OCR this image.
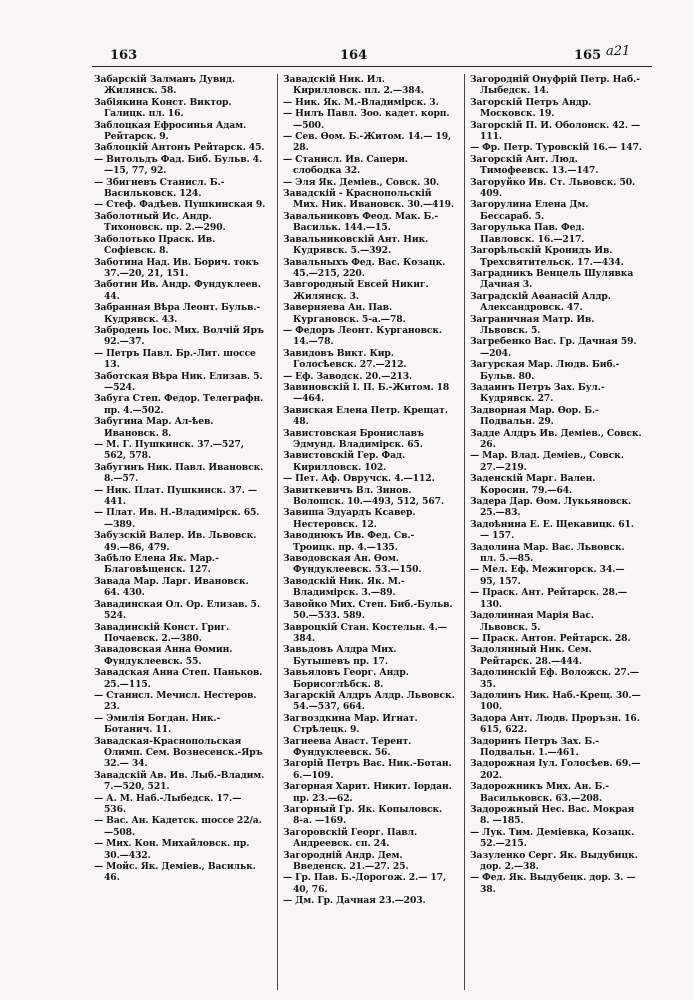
163	164	165 a21

Забарскій Залманъ Дувид. Жилянск. 58.

Забіякина Конст. Виктор. Галицк. пл. 16.

Заблоцкая Ефросинья Адам. Рейтарск. 9.

Заблоцкій Антонъ Рейтарск. 45.

— Витольдъ Фад. Биб. Бульв. 4.—15, 77, 92.

— Збигневъ Станисл. Б.-Васильковск. 124.

— Стеф. Фадѣев. Пушкинская 9.

Заболотный Ис. Андр. Тихоновск. пр. 2.—290.

Заболотько Праск. Ив. Софіевск. 8.

Заботина Над. Ив. Борич. токъ 37.—20, 21, 151.

Заботин Ив. Андр. Фундуклеев. 44.

Забранная Вѣра Леонт. Бульв.-Кудрявск. 43.

Забродень Іос. Мих. Волчій Яръ 92.—37.

— Петръ Павл. Бр.-Лит. шоссе 13.

Заботская Вѣра Ник. Елизав. 5. —524.

Забуга Степ. Федор. Телеграфн. пр. 4.—502.

Забугина Мар. Ал-ѣев. Ивановск. 8.

— М. Г. Пушкинск. 37.—527, 562, 578.

Забугинъ Ник. Павл. Ивановск. 8.—57.

— Ник. Плат. Пушкинск. 37. —441.

— Плат. Ив. Н.-Владимірск. 65.—389.

Забузскій Валер. Ив. Львовск. 49.—86, 479.

Забѣло Елена Як. Мар.-Благовѣщенск. 127.

Завада Мар. Ларг. Ивановск. 64. 430.

Завадинская Ол. Ор. Елизав. 5. 524.

Завадинскій Конст. Григ. Почаевск. 2.—380.

Завадовская Анна Ѳомин. Фундуклеевск. 55.

Завадская Анна Степ. Паньков. 25.—115.

— Станисл. Мечисл. Нестеров. 23.

— Эмилія Богдан. Ник.-Ботанич. 11.

Завадская-Краснопольская Олимп. Сем. Вознесенск.-Яръ 32.— 34.

Завадскій Ав. Ив. Лыб.-Владим. 7.—520, 521.

— А. М. Наб.-Лыбедск. 17.— 536.

— Вас. Ан. Кадетск. шоссе 22/а. —508.

— Мих. Кон. Михайловск. пр. 30.—432.

— Мойс. Як. Деміев., Васильк. 46.

Завадскій Ник. Ил. Кирилловск. пл. 2.—384.

— Ник. Як. М.-Владимірск. 3.

— Нилъ Павл. Зоо. кадет. корп. —500.

— Сев. Ѳом. Б.-Житом. 14.— 19, 28.

— Станисл. Ив. Сапери. слободка 32.

— Эля Як. Деміев., Совск. 30.

Завадскій - Краснопольскій Мих. Ник. Ивановск. 30.—419.

Завальниковъ Феод. Мак. Б.-Васильк. 144.—15.

Завальниковскій Ант. Ник. Кудрявск. 5.—392.

Завальныхъ Фед. Вас. Козацк. 45.—215, 220.

Завгородный Евсей Никиг. Жилянск. 3.

Заверняева Ан. Пав. Кургановск. 5-а.—78.

— Федоръ Леонт. Кургановск. 14.—78.

Завидовъ Викт. Кир. Голосѣевск. 27.—212.

— Еф. Заводск. 20.—213.

Завиновскій І. П. Б.-Житом. 18 —464.

Завиская Елена Петр. Крещат. 48.

Завистовская Брониславъ Эдмунд. Владимірск. 65.

Завистовскій Гер. Фад. Кирилловск. 102.

— Пет. Аф. Овручск. 4.—112.

Завиткевичъ Вл. Зинов. Волошск. 10.—493, 512, 567.

Завиша Эдуардъ Ксавер. Нестеровск. 12.

Заводнюкъ Ив. Фед. Св.-Троицк. пр. 4.—135.

Заводовская Ан. Ѳом. Фундуклеевск. 53.—150.

Заводскій Ник. Як. М.-Владимірск. 3.—89.

Завойко Мих. Степ. Биб.-Бульв. 50.—533. 589.

Завроцкій Стан. Костельн. 4.— 384.

Завьдовъ Алдра Мих. Бутышевъ пр. 17.

Завьяловъ Георг. Андр. Борисоглѣбск. 8.

Загарскій Алдръ Алдр. Львовск. 54.—537, 664.

Загвоздкина Мар. Игнат. Стрѣлецк. 9.

Загнеева Анаст. Терент. Фундуклеевск. 56.

Загорій Петръ Вас. Ник.-Ботан. 6.—109.

Загорная Харит. Никит. Іордан. пр. 23.—62.

Загорный Гр. Як. Копыловск. 8-а. —169.

Загоровскій Георг. Павл. Андреевск. сп. 24.

Загородній Андр. Дем. Введенск. 21.—27. 25.

— Гр. Пав. Б.-Дорогож. 2.— 17, 40, 76.

— Дм. Гр. Дачная 23.—203.

Загородній Онуфрій Петр. Наб.-Лыбедск. 14.

Загорскій Петръ Андр. Московск. 19.

Загорскій П. И. Оболонск. 42. —111.

— Фр. Петр. Туровскій 16.— 147.

Загорскій Ант. Люд. Тимофеевск. 13.—147.

Загоруйко Ив. Ст. Львовск. 50. 409.

Загорулина Елена Дм. Бессараб. 5.

Загорулька Пав. Фед. Павловск. 16.—217.

Загорѣльскій Кронидъ Ив. Трехсвятительск. 17.—434.

Заградникъ Венцель Шулявка Дачная 3.

Заградскій Аѳанасій Алдр. Александровск. 47.

Заграничная Матр. Ив. Львовск. 5.

Загребенко Вас. Гр. Дачная 59. —204.

Загурская Мар. Людв. Биб.-Бульв. 80.

Задаинъ Петръ Зах. Бул.-Кудрявск. 27.

Задворная Мар. Ѳор. Б.-Подвальн. 29.

Задде Алдръ Ив. Деміев., Совск. 26.

— Мар. Влад. Деміев., Совск. 27.—219.

Заденскій Марг. Вален. Коросин. 79.—64.

Задера Дар. Ѳом. Лукьяновск. 25.—83.

Задоѣнина Е. Е. Щекавицк. 61.— 157.

Задолина Мар. Вас. Львовск. пл. 5.—85.

— Мел. Еф. Межигорск. 34.— 95, 157.

— Праск. Ант. Рейтарск. 28.— 130.

Задолинная Марія Вас. Львовск. 5.

— Праск. Антон. Рейтарск. 28.

Задолянный Ник. Сем. Рейтарск. 28.—444.

Задолинскій Еф. Воложск. 27.— 35.

Задолинъ Ник. Наб.-Крещ. 30.— 100.

Задора Ант. Людв. Проръзн. 16. 615, 622.

Задоринъ Петръ Зах. Б.-Подвальн. 1.—461.

Задорожная Іул. Голосѣев. 69.— 202.

Задорожникъ Мих. Ан. Б.-Васильковск. 63.—208.

Задорожный Нес. Вас. Мокрая 8. —185.

— Лук. Тим. Деміевка, Козацк. 52.—215.

Зазуленко Серг. Як. Выдубицк. дор. 2.—38.

— Фед. Як. Выдубецк. дор. 3. —38.
